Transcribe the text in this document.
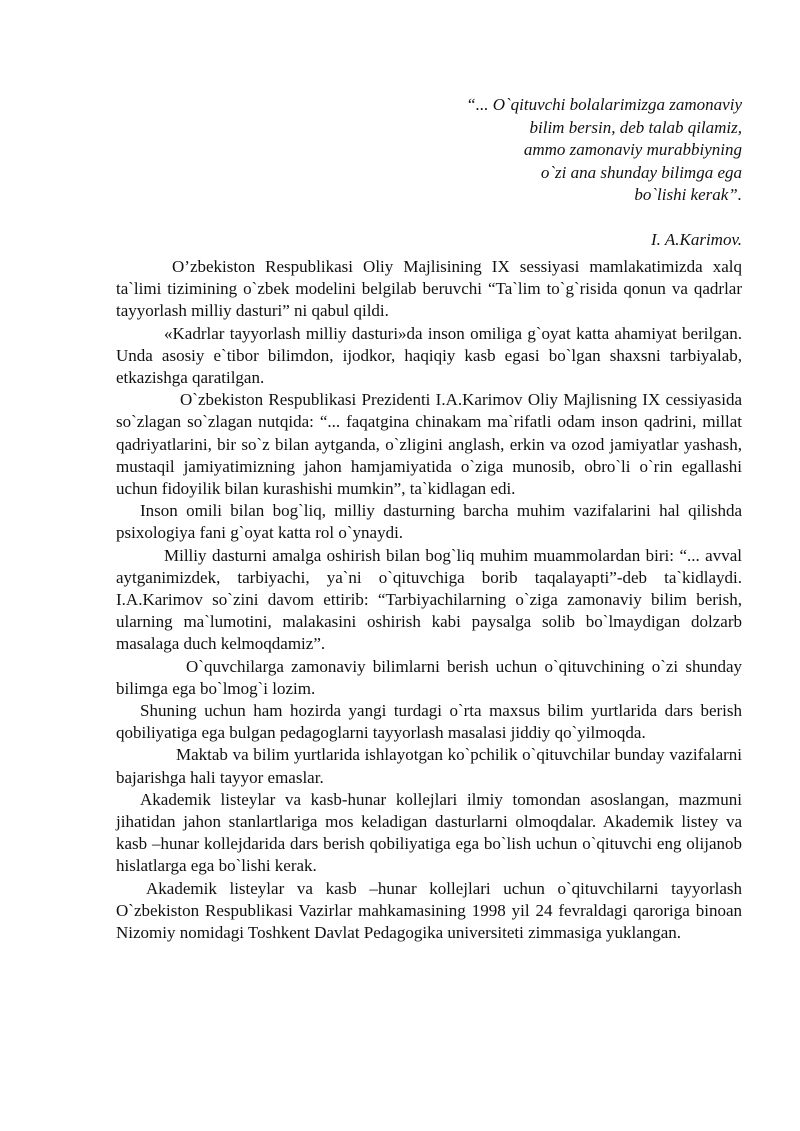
“... O`qituvchi bolalarimizga zamonaviy
bilim bersin, deb talab qilamiz,
ammo zamonaviy murabbiyning
o`zi ana shunday bilimga ega
bo`lishi kerak”.
I. A.Karimov.

O’zbekiston Respublikasi Oliy Majlisining IX sessiyasi mamlakatimizda xalq ta`limi tizimining o`zbek modelini belgilab beruvchi “Ta`lim to`g`risida qonun va qadrlar tayyorlash milliy dasturi” ni qabul qildi.

«Kadrlar tayyorlash milliy dasturi»da inson omiliga g`oyat katta ahamiyat berilgan. Unda asosiy e`tibor bilimdon, ijodkor, haqiqiy kasb egasi bo`lgan shaxsni tarbiyalab, etkazishga qaratilgan.

O`zbekiston Respublikasi Prezidenti I.A.Karimov Oliy Majlisning IX cessiyasida so`zlagan so`zlagan nutqida: “... faqatgina chinakam ma`rifatli odam inson qadrini, millat qadriyatlarini, bir so`z bilan aytganda, o`zligini anglash, erkin va ozod jamiyatlar yashash, mustaqil jamiyatimizning jahon hamjamiyatida o`ziga munosib, obro`li o`rin egallashi uchun fidoyilik bilan kurashishi mumkin”, ta`kidlagan edi.

Inson omili bilan bog`liq, milliy dasturning barcha muhim vazifalarini hal qilishda psixologiya fani g`oyat katta rol o`ynaydi.

Milliy dasturni amalga oshirish bilan bog`liq muhim muammolardan biri: “... avval aytganimizdek, tarbiyachi, ya`ni o`qituvchiga borib taqalayapti”-deb ta`kidlaydi. I.A.Karimov so`zini davom ettirib: “Tarbiyachilarning o`ziga zamonaviy bilim berish, ularning ma`lumotini, malakasini oshirish kabi paysalga solib bo`lmaydigan dolzarb masalaga duch kelmoqdamiz”.

O`quvchilarga zamonaviy bilimlarni berish uchun o`qituvchining o`zi shunday bilimga ega bo`lmog`i lozim.

Shuning uchun ham hozirda yangi turdagi o`rta maxsus bilim yurtlarida dars berish qobiliyatiga ega bulgan pedagoglarni tayyorlash masalasi jiddiy qo`yilmoqda.

Maktab va bilim yurtlarida ishlayotgan ko`pchilik o`qituvchilar bunday vazifalarni bajarishga hali tayyor emaslar.

Akademik listeylar va kasb-hunar kollejlari ilmiy tomondan asoslangan, mazmuni jihatidan jahon stanlartlariga mos keladigan dasturlarni olmoqdalar. Akademik listey va kasb –hunar kollejdarida dars berish qobiliyatiga ega bo`lish uchun o`qituvchi eng olijanob hislatlarga ega bo`lishi kerak.

Akademik listeylar va kasb –hunar kollejlari uchun o`qituvchilarni tayyorlash O`zbekiston Respublikasi Vazirlar mahkamasining 1998 yil 24 fevraldagi qaroriga binoan Nizomiy nomidagi Toshkent Davlat Pedagogika universiteti zimmasiga yuklangan.
